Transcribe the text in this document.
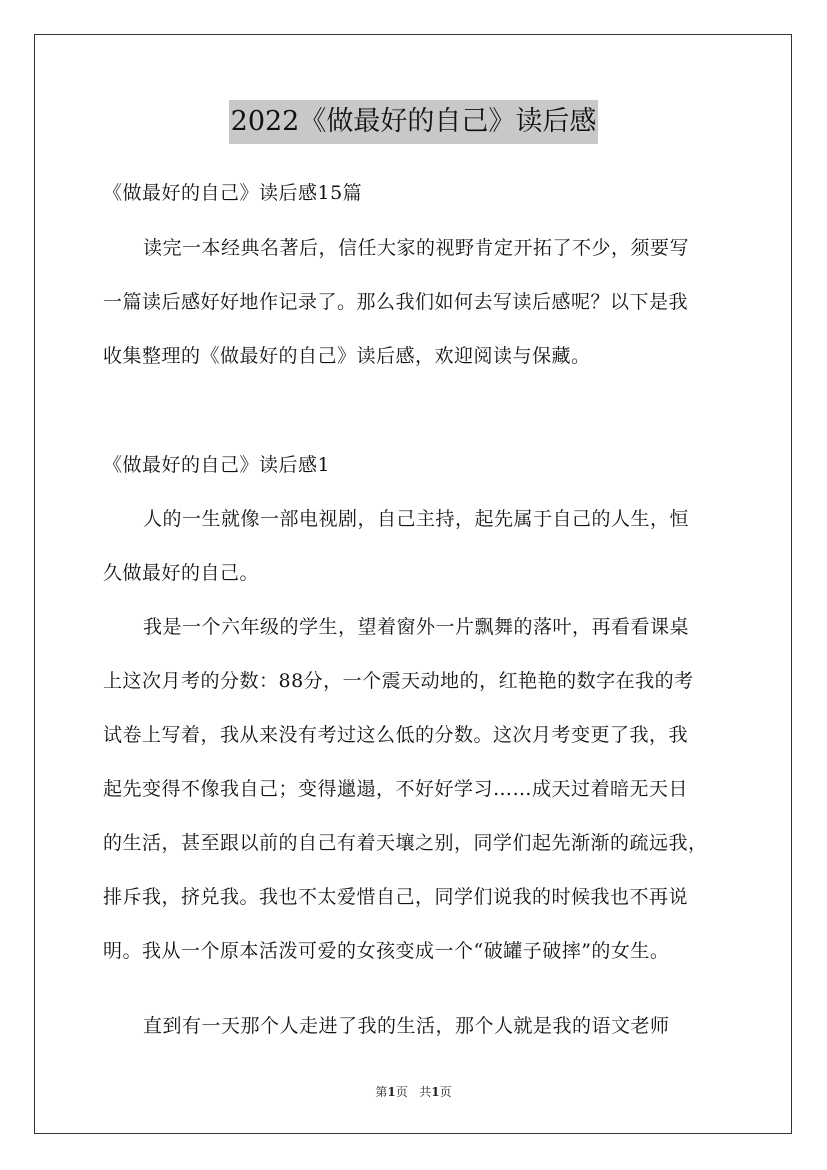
2022《做最好的自己》读后感
《做最好的自己》读后感15篇
读完一本经典名著后，信任大家的视野肯定开拓了不少，须要写
一篇读后感好好地作记录了。那么我们如何去写读后感呢？以下是我
收集整理的《做最好的自己》读后感，欢迎阅读与保藏。
《做最好的自己》读后感1
人的一生就像一部电视剧，自己主持，起先属于自己的人生，恒
久做最好的自己。
我是一个六年级的学生，望着窗外一片飘舞的落叶，再看看课桌
上这次月考的分数：88分，一个震天动地的，红艳艳的数字在我的考
试卷上写着，我从来没有考过这么低的分数。这次月考变更了我，我
起先变得不像我自己；变得邋遢，不好好学习……成天过着暗无天日
的生活，甚至跟以前的自己有着天壤之别，同学们起先渐渐的疏远我，
排斥我，挤兑我。我也不太爱惜自己，同学们说我的时候我也不再说
明。我从一个原本活泼可爱的女孩变成一个“破罐子破摔”的女生。
直到有一天那个人走进了我的生活，那个人就是我的语文老师
第1页 共1页
